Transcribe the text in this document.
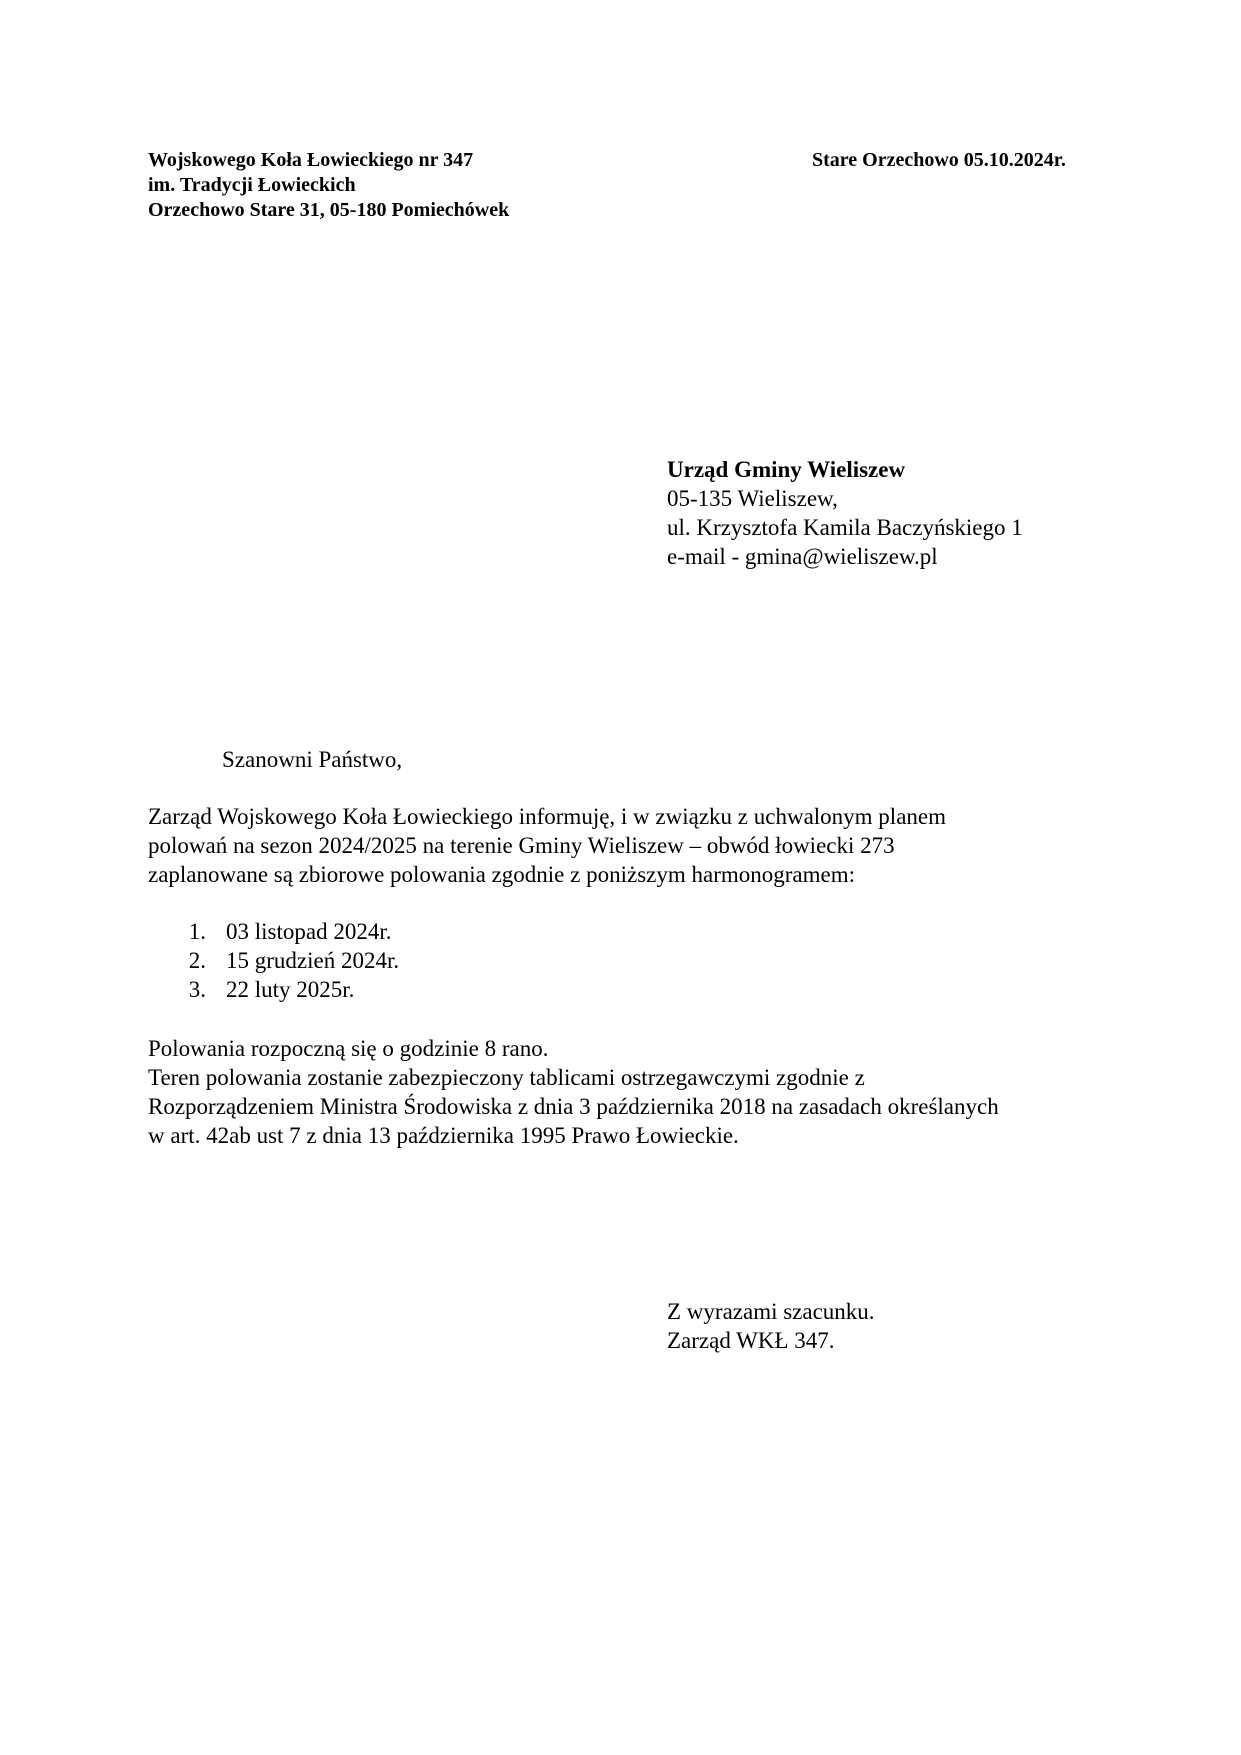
Wojskowego Koła Łowieckiego nr 347
im. Tradycji Łowieckich
Orzechowo Stare 31, 05-180 Pomiechówek
Stare Orzechowo 05.10.2024r.
Urząd Gminy Wieliszew
05-135 Wieliszew,
ul. Krzysztofa Kamila Baczyńskiego 1
e-mail - gmina@wieliszew.pl
Szanowni Państwo,
Zarząd Wojskowego Koła Łowieckiego informuję, i w związku z uchwalonym planem
polowań na sezon 2024/2025 na terenie Gminy Wieliszew – obwód łowiecki 273
zaplanowane są zbiorowe polowania zgodnie z poniższym harmonogramem:
1. 03 listopad 2024r.
2. 15 grudzień 2024r.
3. 22 luty 2025r.
Polowania rozpoczną się o godzinie 8 rano.
Teren polowania zostanie zabezpieczony tablicami ostrzegawczymi zgodnie z
Rozporządzeniem Ministra Środowiska z dnia 3 października 2018 na zasadach określanych
w art. 42ab ust 7 z dnia 13 października 1995 Prawo Łowieckie.
Z wyrazami szacunku.
Zarząd WKŁ 347.
